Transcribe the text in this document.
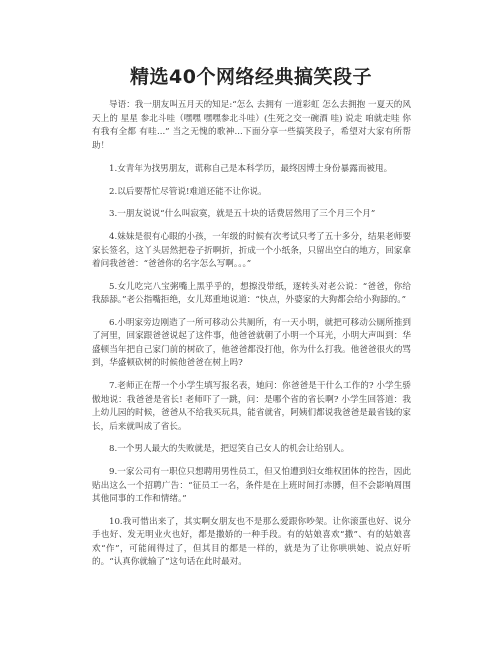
精选40个网络经典搞笑段子

导语：我一朋友叫五月天的知足:“怎么 去拥有 一道彩虹 怎么去拥抱 一夏天的风 天上的 星星 参北斗哇（嘿嘿 嘿嘿参北斗哇）(生死之交一碗酒 哇) 说走 咱就走哇 你有我有全都 有哇...” 当之无愧的歌神...下面分享一些搞笑段子，希望对大家有所帮助！

1.女青年为找男朋友，谎称自己是本科学历，最终因博士身份暴露而被甩。

2.以后要帮忙尽管说!难道还能不让你说。

3.一朋友说说“什么叫寂寞，就是五十块的话费居然用了三个月三个月”

4.妹妹是很有心眼的小孩，一年级的时候有次考试只考了五十多分，结果老师要家长签名，这丫头居然把卷子折啊折，折成一个小纸条，只留出空白的地方，回家拿着问我爸爸：“爸爸你的名字怎么写啊。。。”

5.女儿吃完八宝粥嘴上黑乎乎的，想擦没带纸，逐转头对老公说：“爸爸，你给我舔舔。”老公指嘴拒绝，女儿郑重地说道：“快点，外婆家的大狗都会给小狗舔的。”

6.小明家旁边刚造了一所可移动公共厕所，有一天小明，就把可移动公厕所推到了河里，回家跟爸爸说起了这件事，他爸爸就朝了小明一个耳光，小明大声叫到：华盛顿当年把自己家门前的树砍了，他爸爸都没打他，你为什么打我。他爸爸很火的骂到，华盛顿砍树的时候他爸爸在树上吗?

7.老师正在帮一个小学生填写报名表，她问：你爸爸是干什么工作的? 小学生骄傲地说：我爸爸是省长! 老师吓了一跳，问：是哪个省的省长啊? 小学生回答道：我上幼儿园的时候，爸爸从不给我买玩具，能省就省，阿姨们都说我爸爸是最省钱的家长，后来就叫成了省长。

8.一个男人最大的失败就是，把逗笑自己女人的机会让给别人。

9.一家公司有一职位只想聘用男性员工，但又怕遭到妇女维权团体的控告，因此贴出这么一个招聘广告：“征员工一名，条件是在上班时间打赤膊，但不会影响周围其他同事的工作和情绪。”

10.我可惜出来了，其实啊女朋友也不是那么爱跟你吵架。让你滚蛋也好、说分手也好、发无明业火也好，都是撒娇的一种手段。有的姑娘喜欢“撒”、有的姑娘喜欢“作”，可能闹得过了，但其目的都是一样的，就是为了让你哄哄她、说点好听的。“认真你就输了”这句话在此时最对。
